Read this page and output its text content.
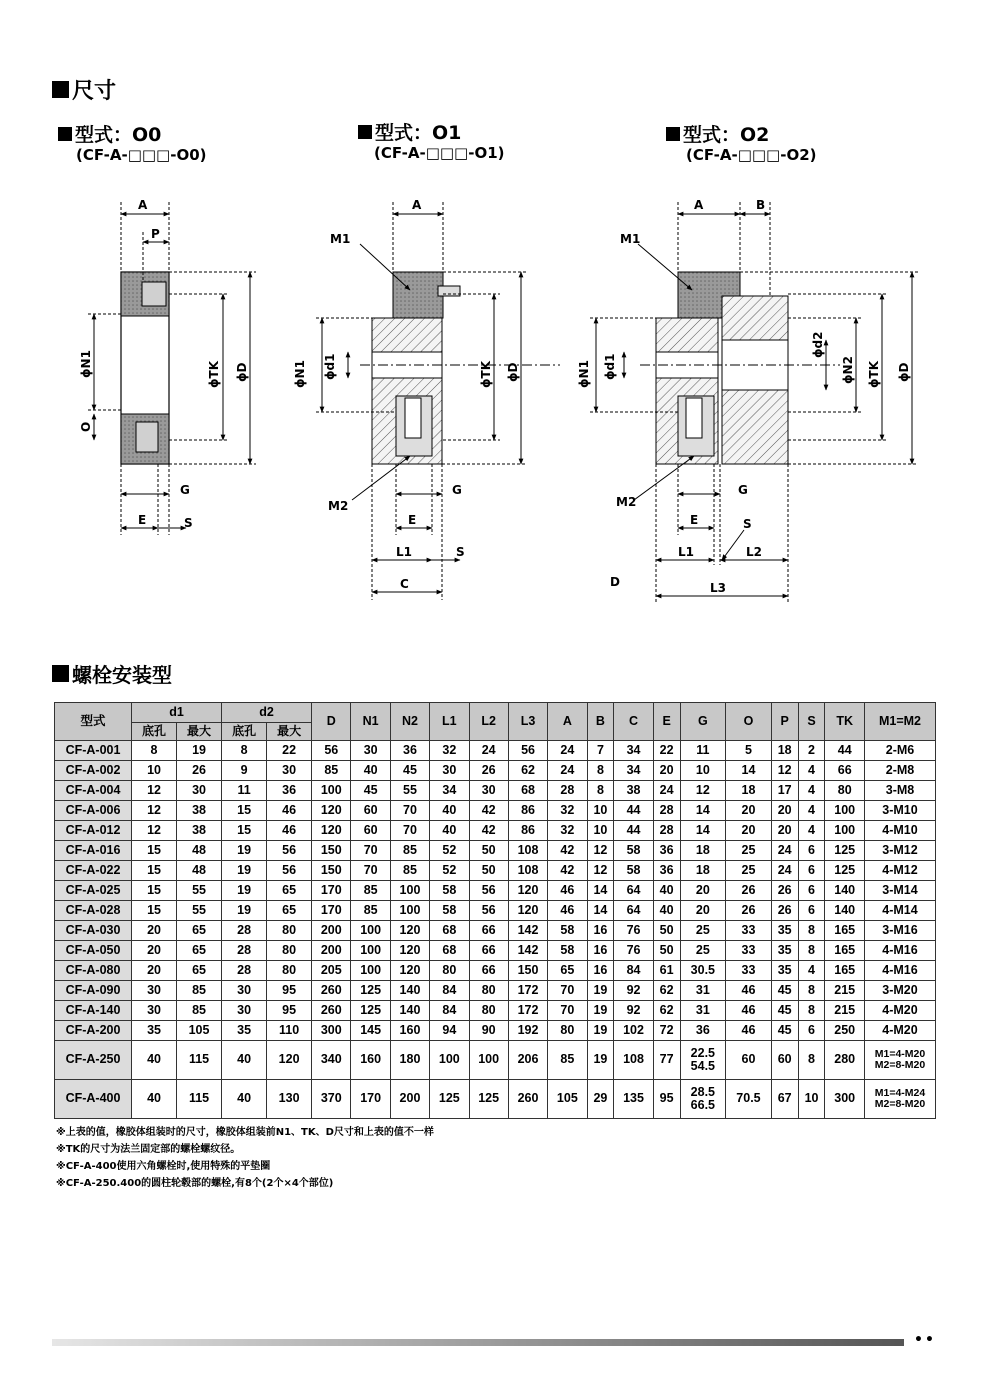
尺寸
型式：O0
(CF-A-□□□-O0)
型式：O1
(CF-A-□□□-O1)
型式：O2
(CF-A-□□□-O2)
A
P
ϕN1
O
ϕTK ϕD
G
E	S
A
M1
ϕN1 ϕd1	ϕTK ϕD
M2
G
E
L1	S
C
A	B
M1
ϕN1 ϕd1
ϕd2
ϕN2 ϕTK ϕD
M2
G
E	S
L1	L2
L3
D
螺栓安装型
型式	d1		d2		D	N1	N2	L1	L2	L3	A	B	C	E	G	O	P	S	TK	M1=M2
	底孔	最大	底孔	最大																
CF-A-001	8	19	8	22	56	30	36	32	24	56	24	7	34	22	11	5	18	2	44	2-M6
CF-A-002	10	26	9	30	85	40	45	30	26	62	24	8	34	20	10	14	12	4	66	2-M8
CF-A-004	12	30	11	36	100	45	55	34	30	68	28	8	38	24	12	18	17	4	80	3-M8
CF-A-006	12	38	15	46	120	60	70	40	42	86	32	10	44	28	14	20	20	4	100	3-M10
CF-A-012	12	38	15	46	120	60	70	40	42	86	32	10	44	28	14	20	20	4	100	4-M10
CF-A-016	15	48	19	56	150	70	85	52	50	108	42	12	58	36	18	25	24	6	125	3-M12
CF-A-022	15	48	19	56	150	70	85	52	50	108	42	12	58	36	18	25	24	6	125	4-M12
CF-A-025	15	55	19	65	170	85	100	58	56	120	46	14	64	40	20	26	26	6	140	3-M14
CF-A-028	15	55	19	65	170	85	100	58	56	120	46	14	64	40	20	26	26	6	140	4-M14
CF-A-030	20	65	28	80	200	100	120	68	66	142	58	16	76	50	25	33	35	8	165	3-M16
CF-A-050	20	65	28	80	200	100	120	68	66	142	58	16	76	50	25	33	35	8	165	4-M16
CF-A-080	20	65	28	80	205	100	120	80	66	150	65	16	84	61	30.5	33	35	4	165	4-M16
CF-A-090	30	85	30	95	260	125	140	84	80	172	70	19	92	62	31	46	45	8	215	3-M20
CF-A-140	30	85	30	95	260	125	140	84	80	172	70	19	92	62	31	46	45	8	215	4-M20
CF-A-200	35	105	35	110	300	145	160	94	90	192	80	19	102	72	36	46	45	6	250	4-M20
CF-A-250	40	115	40	120	340	160	180	100	100	206	85	19	108	77	22.5
54.5	60	60	8	280	M1=4-M20
M2=8-M20
CF-A-400	40	115	40	130	370	170	200	125	125	260	105	29	135	95	28.5
66.5	70.5	67	10	300	M1=4-M24
M2=8-M20
※上表的值，橡胶体组装时的尺寸，橡胶体组装前N1、TK、D尺寸和上表的值不一样
※TK的尺寸为法兰固定部的螺栓螺纹径。
※CF-A-400使用六角螺栓时,使用特殊的平垫圈
※CF-A-250.400的圆柱轮毂部的螺栓,有8个(2个×4个部位)
••
